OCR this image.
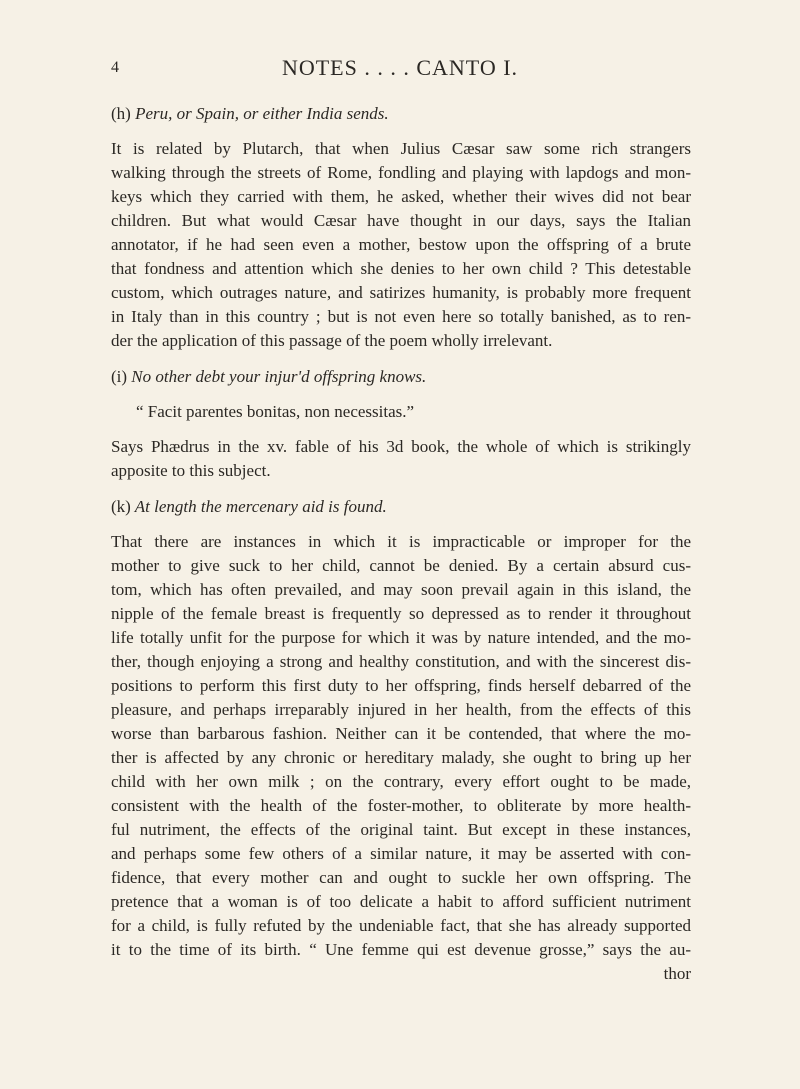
4	NOTES . . . . CANTO I.

(h) Peru, or Spain, or either India sends.

It is related by Plutarch, that when Julius Cæsar saw some rich strangers
walking through the streets of Rome, fondling and playing with lapdogs and mon-
keys which they carried with them, he asked, whether their wives did not bear
children. But what would Cæsar have thought in our days, says the Italian
annotator, if he had seen even a mother, bestow upon the offspring of a brute
that fondness and attention which she denies to her own child ? This detestable
custom, which outrages nature, and satirizes humanity, is probably more frequent
in Italy than in this country ; but is not even here so totally banished, as to ren-
der the application of this passage of the poem wholly irrelevant.

(i) No other debt your injur'd offspring knows.

“ Facit parentes bonitas, non necessitas.”

Says Phædrus in the xv. fable of his 3d book, the whole of which is strikingly
apposite to this subject.

(k) At length the mercenary aid is found.

That there are instances in which it is impracticable or improper for the
mother to give suck to her child, cannot be denied. By a certain absurd cus-
tom, which has often prevailed, and may soon prevail again in this island, the
nipple of the female breast is frequently so depressed as to render it throughout
life totally unfit for the purpose for which it was by nature intended, and the mo-
ther, though enjoying a strong and healthy constitution, and with the sincerest dis-
positions to perform this first duty to her offspring, finds herself debarred of the
pleasure, and perhaps irreparably injured in her health, from the effects of this
worse than barbarous fashion. Neither can it be contended, that where the mo-
ther is affected by any chronic or hereditary malady, she ought to bring up her
child with her own milk ; on the contrary, every effort ought to be made,
consistent with the health of the foster-mother, to obliterate by more health-
ful nutriment, the effects of the original taint. But except in these instances,
and perhaps some few others of a similar nature, it may be asserted with con-
fidence, that every mother can and ought to suckle her own offspring. The
pretence that a woman is of too delicate a habit to afford sufficient nutriment
for a child, is fully refuted by the undeniable fact, that she has already supported
it to the time of its birth. “ Une femme qui est devenue grosse,” says the au-
thor
